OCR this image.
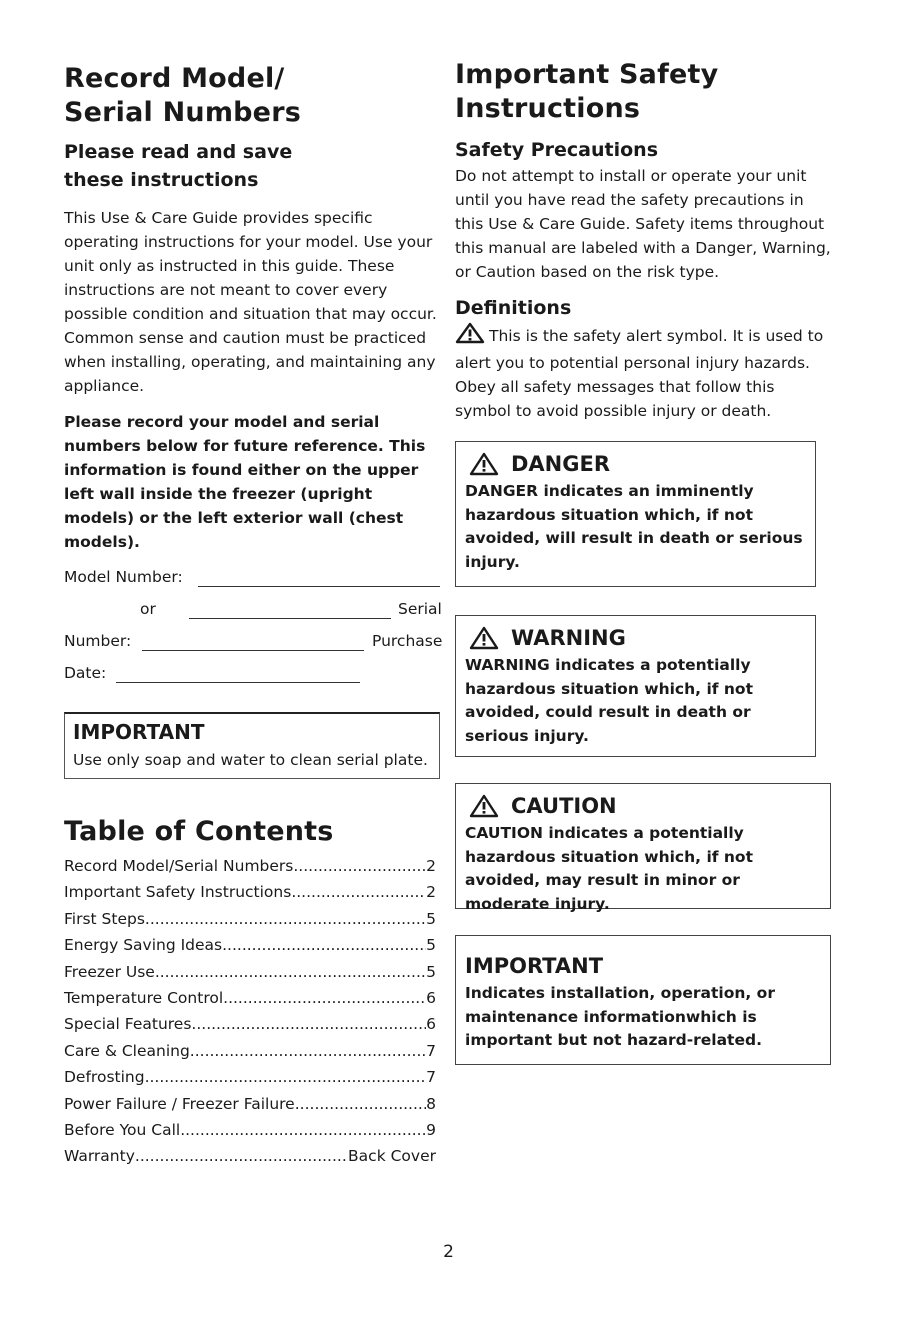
Record Model/
Serial Numbers
Please read and save
these instructions

This Use & Care Guide provides specific operating instructions for your model. Use your unit only as instructed in this guide. These instructions are not meant to cover every possible condition and situation that may occur. Common sense and caution must be practiced when installing, operating, and maintaining any appliance.

Please record your model and serial numbers below for future reference. This information is found either on the upper left wall inside the freezer (upright models) or the left exterior wall (chest models).

Model Number:
or	Serial
Number:	Purchase
Date:
IMPORTANT

Use only soap and water to clean serial plate.

Table of Contents
Record Model/Serial Numbers .....	2
Important Safety Instructions .....	2
First Steps .....	5
Energy Saving Ideas .....	5
Freezer Use .....	5
Temperature Control .....	6
Special Features .....	6
Care & Cleaning .....	7
Defrosting .....	7
Power Failure / Freezer Failure .....	8
Before You Call .....	9
Warranty .....	Back Cover
Important Safety
Instructions
Safety Precautions

Do not attempt to install or operate your unit until you have read the safety precautions in this Use & Care Guide. Safety items throughout this manual are labeled with a Danger, Warning, or Caution based on the risk type.

Definitions

This is the safety alert symbol. It is used to alert you to potential personal injury hazards. Obey all safety messages that follow this symbol to avoid possible injury or death.

DANGER

DANGER indicates an imminently hazardous situation which, if not avoided, will result in death or serious injury.

WARNING

WARNING indicates a potentially hazardous situation which, if not avoided, could result in death or serious injury.

CAUTION

CAUTION indicates a potentially hazardous situation which, if not avoided, may result in minor or moderate injury.

IMPORTANT

Indicates installation, operation, or maintenance informationwhich is important but not hazard-related.

2
